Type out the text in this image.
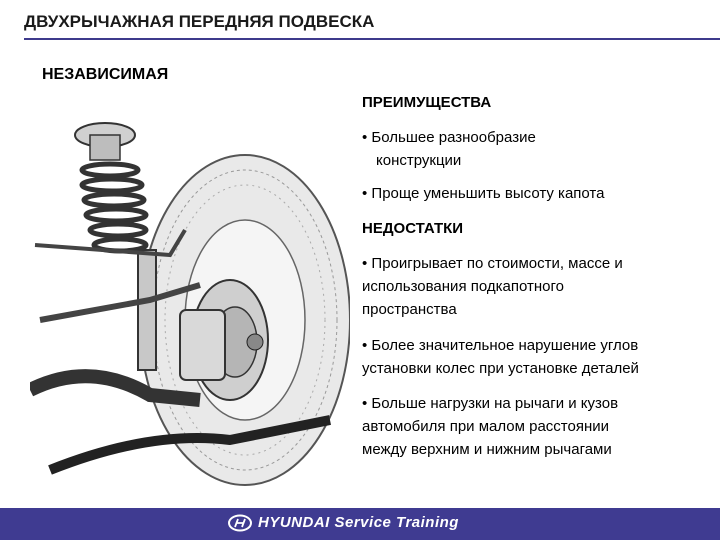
ДВУХРЫЧАЖНАЯ ПЕРЕДНЯЯ ПОДВЕСКА
НЕЗАВИСИМАЯ
ПРЕИМУЩЕСТВА
• Большее разнообразие
конструкции
• Проще уменьшить высоту капота
НЕДОСТАТКИ
• Проигрывает по стоимости, массе и
использования подкапотного
пространства
• Более значительное нарушение углов
установки колес при установке деталей
• Больше нагрузки на рычаги и кузов
автомобиля при малом расстоянии
между верхним и нижним рычагами
HYUNDAI Service Training
